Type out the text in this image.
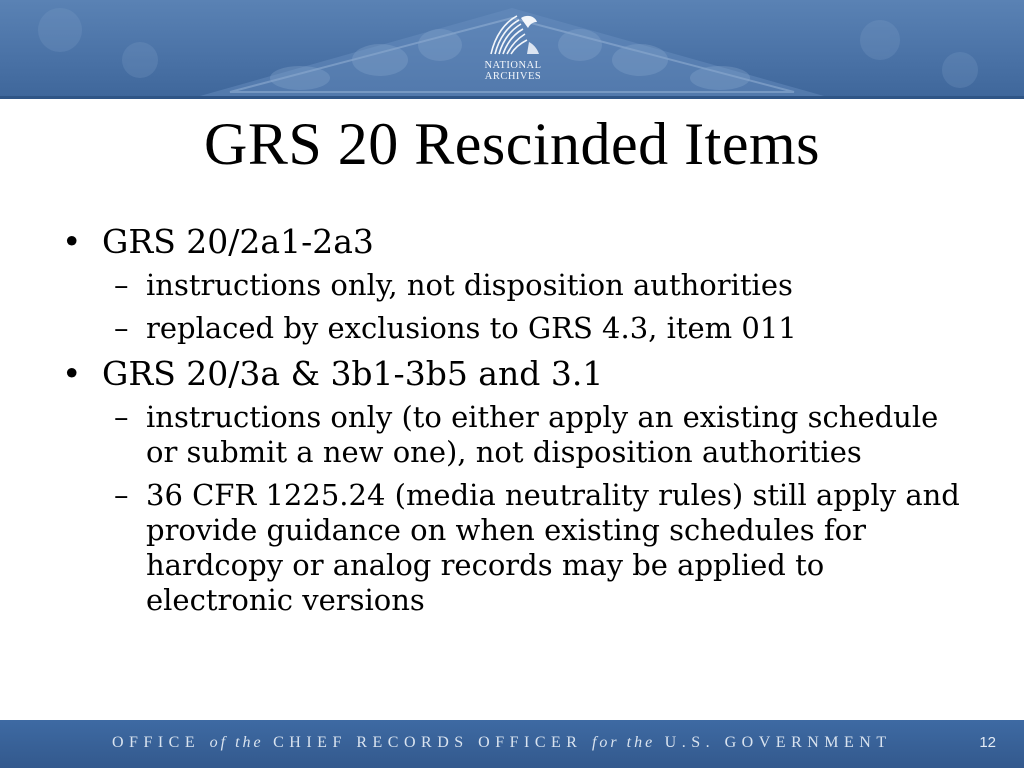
NATIONAL
ARCHIVES
GRS 20 Rescinded Items
• GRS 20/2a1-2a3
– instructions only, not disposition authorities
– replaced by exclusions to GRS 4.3, item 011
• GRS 20/3a & 3b1-3b5 and 3.1
– instructions only (to either apply an existing schedule or submit a new one), not disposition authorities
– 36 CFR 1225.24 (media neutrality rules) still apply and provide guidance on when existing schedules for hardcopy or analog records may be applied to electronic versions
OFFICE of the CHIEF RECORDS OFFICER for the U.S. GOVERNMENT	12
